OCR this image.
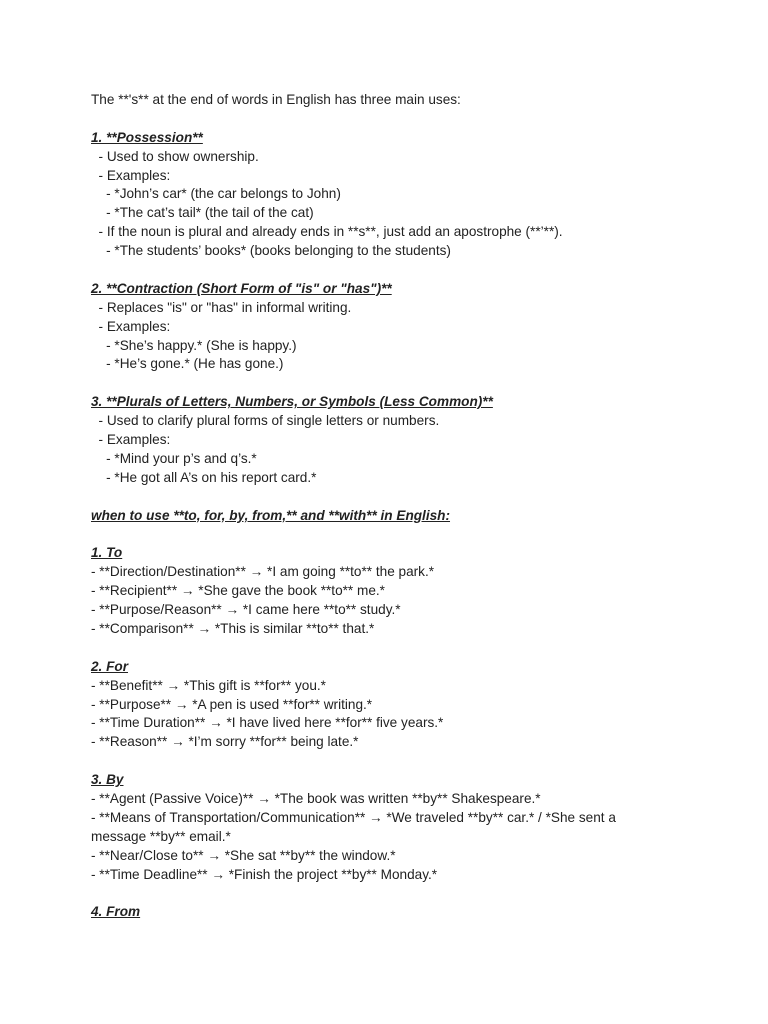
The **'s** at the end of words in English has three main uses:
1. **Possession**
- Used to show ownership.
- Examples:
- *John’s car* (the car belongs to John)
- *The cat’s tail* (the tail of the cat)
- If the noun is plural and already ends in **s**, just add an apostrophe (**’**).
- *The students’ books* (books belonging to the students)
2. **Contraction (Short Form of "is" or "has")**
- Replaces "is" or "has" in informal writing.
- Examples:
- *She’s happy.* (She is happy.)
- *He’s gone.* (He has gone.)
3. **Plurals of Letters, Numbers, or Symbols (Less Common)**
- Used to clarify plural forms of single letters or numbers.
- Examples:
- *Mind your p’s and q’s.*
- *He got all A’s on his report card.*
when to use **to, for, by, from,** and **with** in English:
1. To
- **Direction/Destination** → *I am going **to** the park.*
- **Recipient** → *She gave the book **to** me.*
- **Purpose/Reason** → *I came here **to** study.*
- **Comparison** → *This is similar **to** that.*
2. For
- **Benefit** → *This gift is **for** you.*
- **Purpose** → *A pen is used **for** writing.*
- **Time Duration** → *I have lived here **for** five years.*
- **Reason** → *I’m sorry **for** being late.*
3. By
- **Agent (Passive Voice)** → *The book was written **by** Shakespeare.*
- **Means of Transportation/Communication** → *We traveled **by** car.* / *She sent a message **by** email.*
- **Near/Close to** → *She sat **by** the window.*
- **Time Deadline** → *Finish the project **by** Monday.*
4. From
